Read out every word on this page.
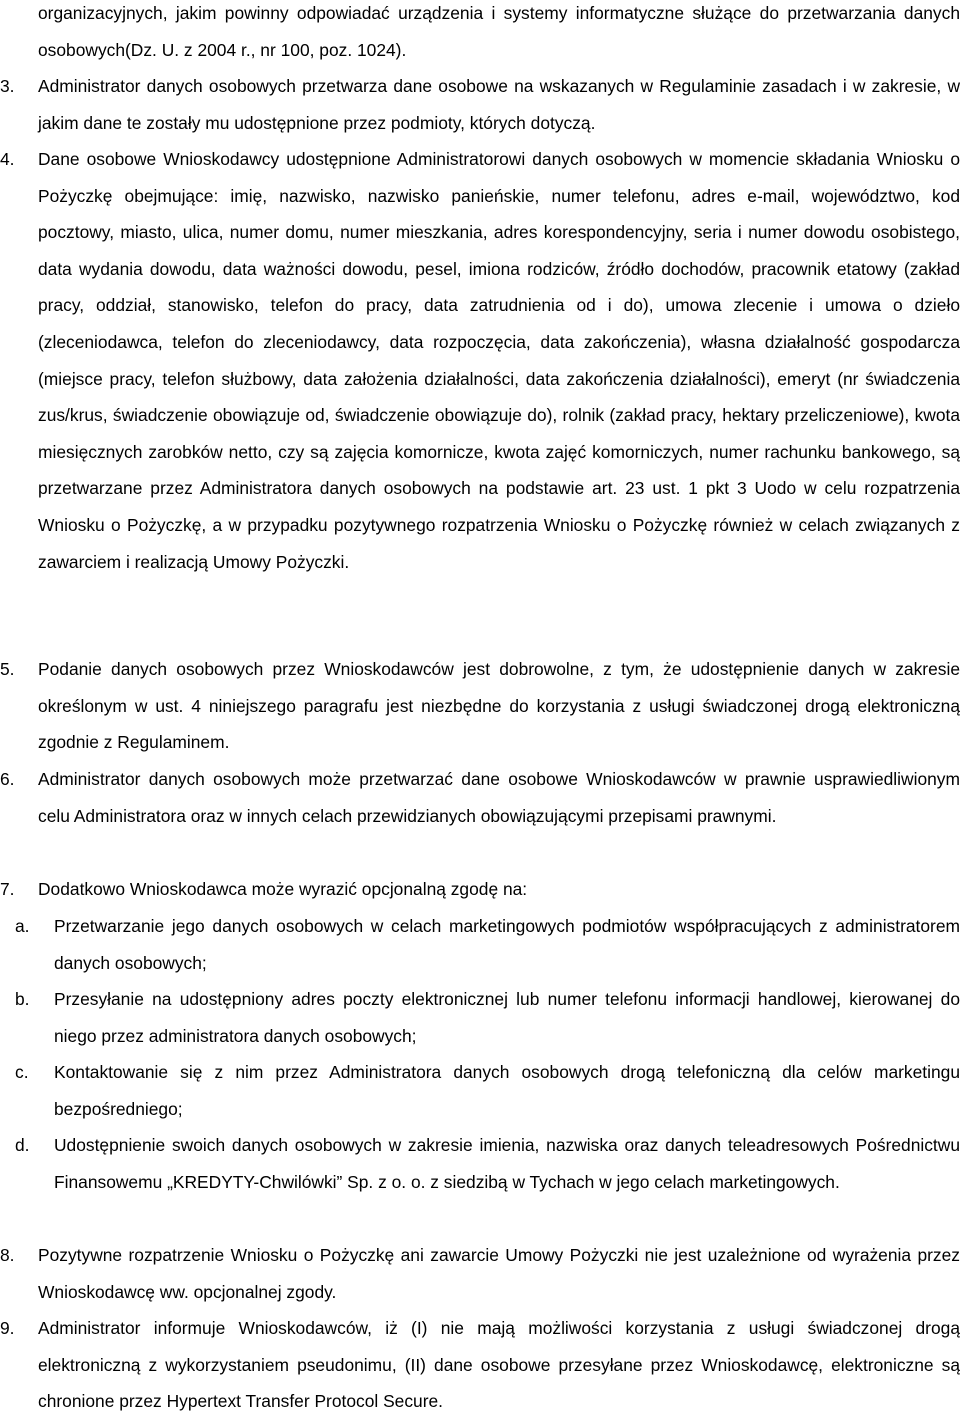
organizacyjnych, jakim powinny odpowiadać urządzenia i systemy informatyczne służące do przetwarzania danych osobowych(Dz. U. z 2004 r., nr 100, poz. 1024).

Administrator danych osobowych przetwarza dane osobowe na wskazanych w Regulaminie zasadach i w zakresie, w jakim dane te zostały mu udostępnione przez podmioty, których dotyczą.

3.

Dane osobowe Wnioskodawcy udostępnione Administratorowi danych osobowych w momencie składania Wniosku o Pożyczkę obejmujące: imię, nazwisko, nazwisko panieńskie, numer telefonu, adres e-mail, województwo, kod pocztowy, miasto, ulica, numer domu, numer mieszkania, adres korespondencyjny, seria i numer dowodu osobistego, data wydania dowodu, data ważności dowodu, pesel, imiona rodziców, źródło dochodów, pracownik etatowy (zakład pracy, oddział, stanowisko, telefon do pracy, data zatrudnienia od i do), umowa zlecenie i umowa o dzieło (zleceniodawca, telefon do zleceniodawcy, data rozpoczęcia, data zakończenia), własna działalność gospodarcza (miejsce pracy, telefon służbowy, data założenia działalności, data zakończenia działalności), emeryt (nr świadczenia zus/krus, świadczenie obowiązuje od, świadczenie obowiązuje do), rolnik (zakład pracy, hektary przeliczeniowe), kwota miesięcznych zarobków netto, czy są zajęcia komornicze, kwota zajęć komorniczych, numer rachunku bankowego, są przetwarzane przez Administratora danych osobowych na podstawie art. 23 ust. 1 pkt 3 Uodo w celu rozpatrzenia Wniosku o Pożyczkę, a w przypadku pozytywnego rozpatrzenia Wniosku o Pożyczkę również w celach związanych z zawarciem i realizacją Umowy Pożyczki.

4.

Podanie danych osobowych przez Wnioskodawców jest dobrowolne, z tym, że udostępnienie danych w zakresie określonym w ust. 4 niniejszego paragrafu jest niezbędne do korzystania z usługi świadczonej drogą elektroniczną zgodnie z Regulaminem.

5.

Administrator danych osobowych może przetwarzać dane osobowe Wnioskodawców w prawnie usprawiedliwionym celu Administratora oraz w innych celach przewidzianych obowiązującymi przepisami prawnymi.

6.

Dodatkowo Wnioskodawca może wyrazić opcjonalną zgodę na:

7.

Przetwarzanie jego danych osobowych w celach marketingowych podmiotów współpracujących z administratorem danych osobowych;

a.

Przesyłanie na udostępniony adres poczty elektronicznej lub numer telefonu informacji handlowej, kierowanej do niego przez administratora danych osobowych;

b.

Kontaktowanie się z nim przez Administratora danych osobowych drogą telefoniczną dla celów marketingu bezpośredniego;

c.

Udostępnienie swoich danych osobowych w zakresie imienia, nazwiska oraz danych teleadresowych Pośrednictwu Finansowemu „KREDYTY-Chwilówki” Sp. z o. o. z siedzibą w Tychach w jego celach marketingowych.

d.

Pozytywne rozpatrzenie Wniosku o Pożyczkę ani zawarcie Umowy Pożyczki nie jest uzależnione od wyrażenia przez Wnioskodawcę ww. opcjonalnej zgody.

8.

Administrator informuje Wnioskodawców, iż (I) nie mają możliwości korzystania z usługi świadczonej drogą elektroniczną z wykorzystaniem pseudonimu, (II) dane osobowe przesyłane przez Wnioskodawcę, elektroniczne są chronione przez Hypertext Transfer Protocol Secure.

9.
